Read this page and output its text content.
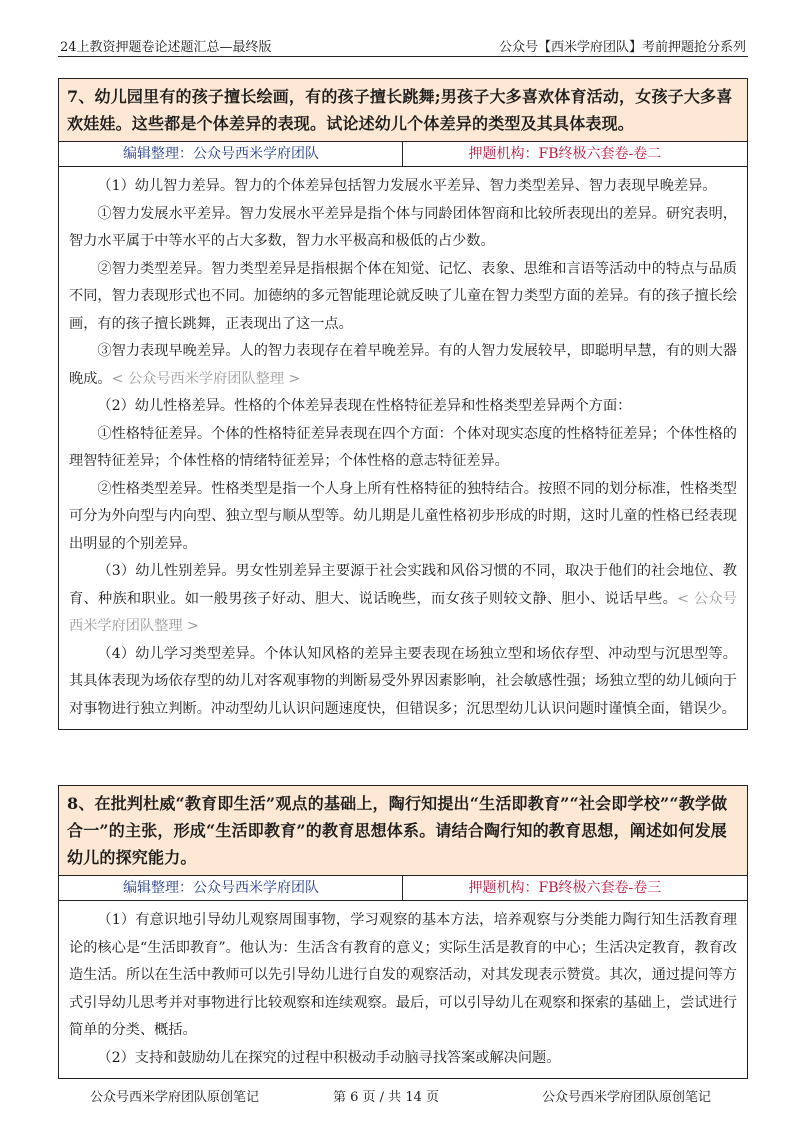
24上教资押题卷论述题汇总—最终版	公众号【西米学府团队】考前押题抢分系列
7、幼儿园里有的孩子擅长绘画，有的孩子擅长跳舞;男孩子大多喜欢体育活动，女孩子大多喜欢娃娃。这些都是个体差异的表现。试论述幼儿个体差异的类型及其具体表现。
编辑整理：公众号西米学府团队	押题机构：FB终极六套卷-卷二

（1）幼儿智力差异。智力的个体差异包括智力发展水平差异、智力类型差异、智力表现早晚差异。

①智力发展水平差异。智力发展水平差异是指个体与同龄团体智商和比较所表现出的差异。研究表明，智力水平属于中等水平的占大多数，智力水平极高和极低的占少数。

②智力类型差异。智力类型差异是指根据个体在知觉、记忆、表象、思维和言语等活动中的特点与品质不同，智力表现形式也不同。加德纳的多元智能理论就反映了儿童在智力类型方面的差异。有的孩子擅长绘画，有的孩子擅长跳舞，正表现出了这一点。

③智力表现早晚差异。人的智力表现存在着早晚差异。有的人智力发展较早，即聪明早慧，有的则大器晚成。< 公众号西米学府团队整理 >

（2）幼儿性格差异。性格的个体差异表现在性格特征差异和性格类型差异两个方面：

①性格特征差异。个体的性格特征差异表现在四个方面：个体对现实态度的性格特征差异；个体性格的理智特征差异；个体性格的情绪特征差异；个体性格的意志特征差异。

②性格类型差异。性格类型是指一个人身上所有性格特征的独特结合。按照不同的划分标准，性格类型可分为外向型与内向型、独立型与顺从型等。幼儿期是儿童性格初步形成的时期，这时儿童的性格已经表现出明显的个别差异。

（3）幼儿性别差异。男女性别差异主要源于社会实践和风俗习惯的不同，取决于他们的社会地位、教育、种族和职业。如一般男孩子好动、胆大、说话晚些，而女孩子则较文静、胆小、说话早些。< 公众号西米学府团队整理 >

（4）幼儿学习类型差异。个体认知风格的差异主要表现在场独立型和场依存型、冲动型与沉思型等。其具体表现为场依存型的幼儿对客观事物的判断易受外界因素影响，社会敏感性强；场独立型的幼儿倾向于对事物进行独立判断。冲动型幼儿认识问题速度快，但错误多；沉思型幼儿认识问题时谨慎全面，错误少。

8、在批判杜威“教育即生活”观点的基础上，陶行知提出“生活即教育”“社会即学校”“教学做合一”的主张，形成“生活即教育”的教育思想体系。请结合陶行知的教育思想，阐述如何发展幼儿的探究能力。
编辑整理：公众号西米学府团队	押题机构：FB终极六套卷-卷三

（1）有意识地引导幼儿观察周围事物，学习观察的基本方法，培养观察与分类能力陶行知生活教育理论的核心是“生活即教育”。他认为：生活含有教育的意义；实际生活是教育的中心；生活决定教育，教育改造生活。所以在生活中教师可以先引导幼儿进行自发的观察活动，对其发现表示赞赏。其次，通过提问等方式引导幼儿思考并对事物进行比较观察和连续观察。最后，可以引导幼儿在观察和探索的基础上，尝试进行简单的分类、概括。

（2）支持和鼓励幼儿在探究的过程中积极动手动脑寻找答案或解决问题。

公众号西米学府团队原创笔记	第 6 页 / 共 14 页	公众号西米学府团队原创笔记
